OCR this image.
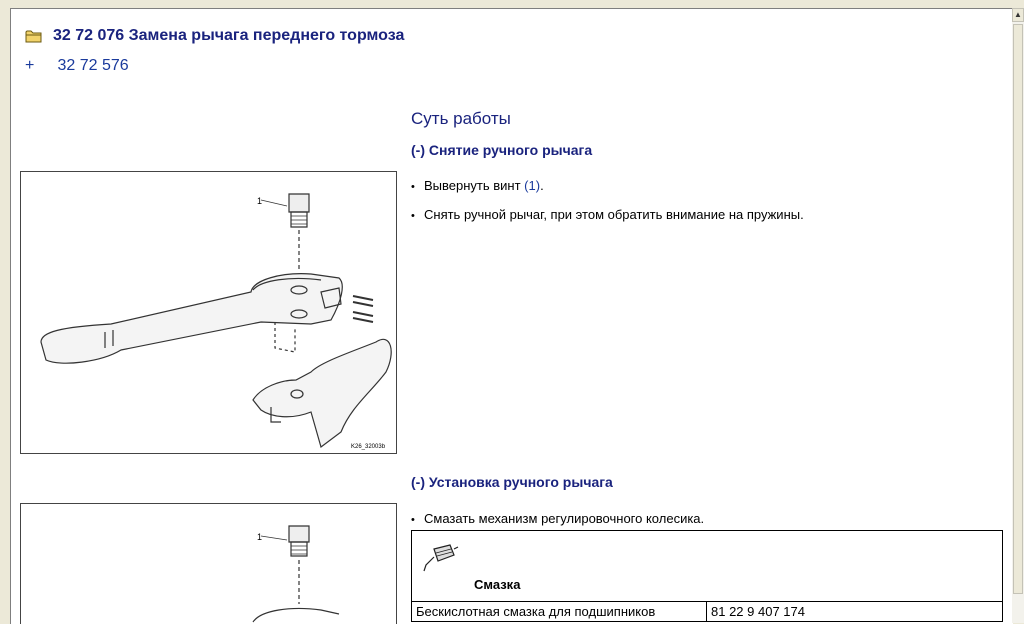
32 72 076 Замена рычага переднего тормоза
+ 32 72 576
Суть работы
(-) Снятие ручного рычага
• Вывернуть винт (1).
• Снять ручной рычаг, при этом обратить внимание на пружины.
1
K26_32003b
(-) Установка ручного рычага
• Смазать механизм регулировочного колесика.
1
Смазка

Бескислотная смазка для подшипников	81 22 9 407 174
▲
